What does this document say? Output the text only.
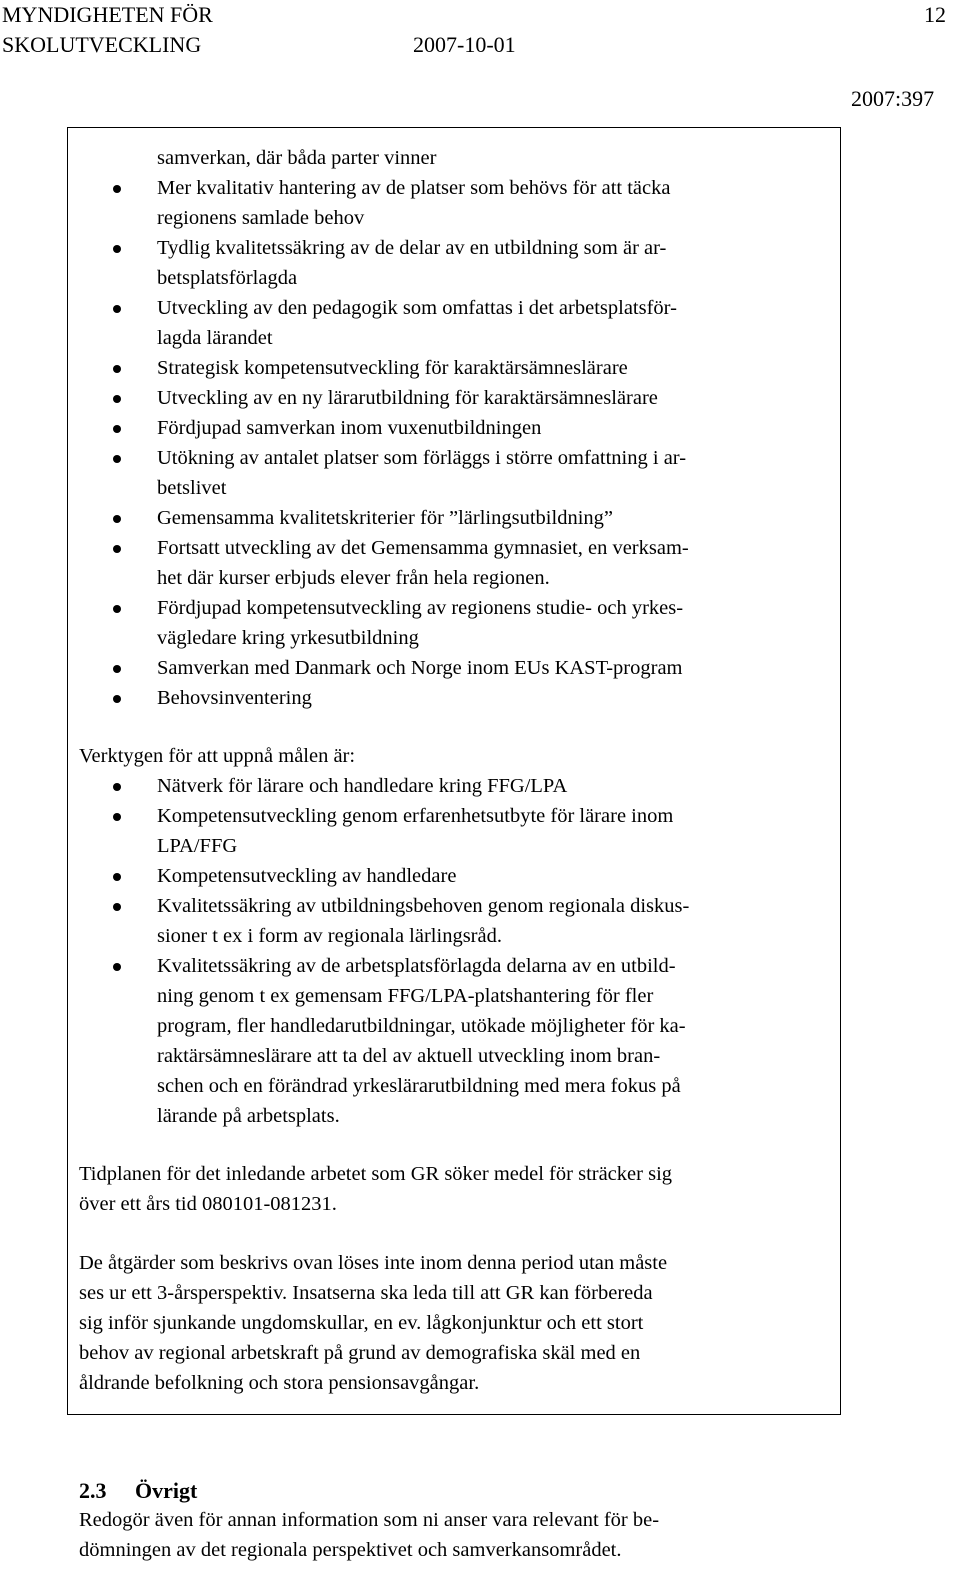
MYNDIGHETEN FÖR
SKOLUTVECKLING	2007-10-01
12
2007:397
samverkan, där båda parter vinner
Mer kvalitativ hantering av de platser som behövs för att täcka
regionens samlade behov
Tydlig kvalitetssäkring av de delar av en utbildning som är ar-
betsplatsförlagda
Utveckling av den pedagogik som omfattas i det arbetsplatsför-
lagda lärandet
Strategisk kompetensutveckling för karaktärsämneslärare
Utveckling av en ny lärarutbildning för karaktärsämneslärare
Fördjupad samverkan inom vuxenutbildningen
Utökning av antalet platser som förläggs i större omfattning i ar-
betslivet
Gemensamma kvalitetskriterier för ”lärlingsutbildning”
Fortsatt utveckling av det Gemensamma gymnasiet, en verksam-
het där kurser erbjuds elever från hela regionen.
Fördjupad kompetensutveckling av regionens studie- och yrkes-
vägledare kring yrkesutbildning
Samverkan med Danmark och Norge inom EUs KAST-program
Behovsinventering
Verktygen för att uppnå målen är:
Nätverk för lärare och handledare kring FFG/LPA
Kompetensutveckling genom erfarenhetsutbyte för lärare inom
LPA/FFG
Kompetensutveckling av handledare
Kvalitetssäkring av utbildningsbehoven genom regionala diskus-
sioner t ex i form av regionala lärlingsråd.
Kvalitetssäkring av de arbetsplatsförlagda delarna av en utbild-
ning genom t ex gemensam FFG/LPA-platshantering för fler
program, fler handledarutbildningar, utökade möjligheter för ka-
raktärsämneslärare att ta del av aktuell utveckling inom bran-
schen och en förändrad yrkeslärarutbildning med mera fokus på
lärande på arbetsplats.
Tidplanen för det inledande arbetet som GR söker medel för sträcker sig
över ett års tid 080101-081231.
De åtgärder som beskrivs ovan löses inte inom denna period utan måste
ses ur ett 3-årsperspektiv. Insatserna ska leda till att GR kan förbereda
sig inför sjunkande ungdomskullar, en ev. lågkonjunktur och ett stort
behov av regional arbetskraft på grund av demografiska skäl med en
åldrande befolkning och stora pensionsavgångar.
2.3 Övrigt
Redogör även för annan information som ni anser vara relevant för be-
dömningen av det regionala perspektivet och samverkansområdet.
